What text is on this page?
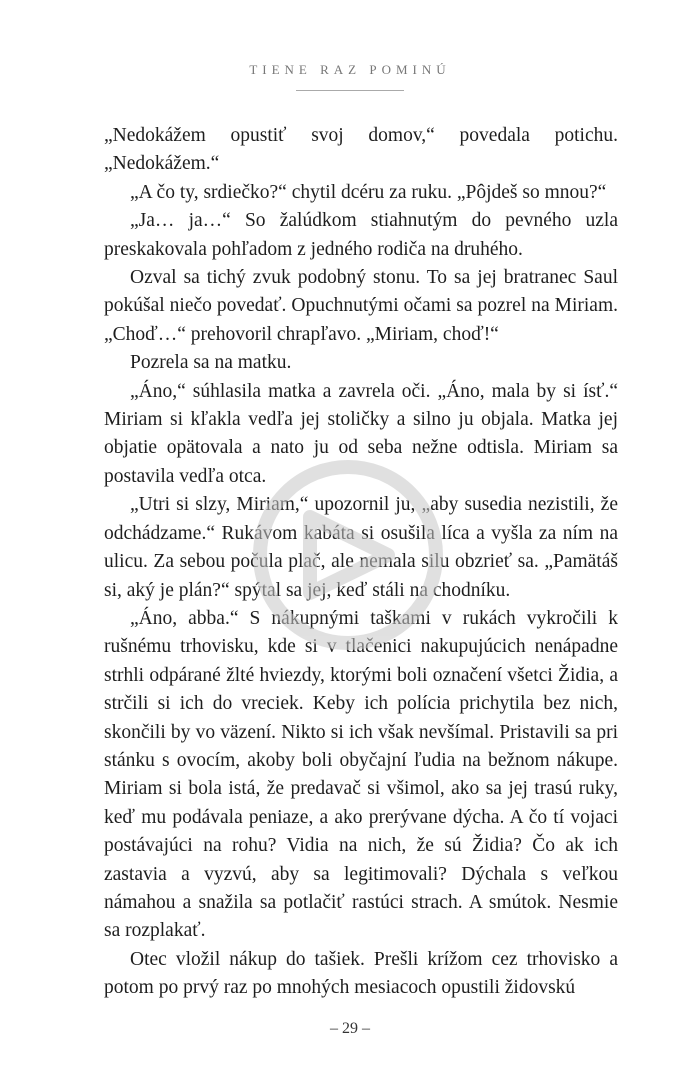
TIENE RAZ POMINÚ

„Nedokážem opustiť svoj domov,“ povedala potichu. „Nedokážem.“

„A čo ty, srdiečko?“ chytil dcéru za ruku. „Pôjdeš so mnou?“

„Ja… ja…“ So žalúdkom stiahnutým do pevného uzla preskakovala pohľadom z jedného rodiča na druhého.

Ozval sa tichý zvuk podobný stonu. To sa jej bratranec Saul pokúšal niečo povedať. Opuchnutými očami sa pozrel na Miriam. „Choď…“ prehovoril chrapľavo. „Miriam, choď!“

Pozrela sa na matku.

„Áno,“ súhlasila matka a zavrela oči. „Áno, mala by si ísť.“ Miriam si kľakla vedľa jej stoličky a silno ju objala. Matka jej objatie opätovala a nato ju od seba nežne odtisla. Miriam sa postavila vedľa otca.

„Utri si slzy, Miriam,“ upozornil ju, „aby susedia nezistili, že odchádzame.“ Rukávom kabáta si osušila líca a vyšla za ním na ulicu. Za sebou počula plač, ale nemala silu obzrieť sa. „Pamätáš si, aký je plán?“ spýtal sa jej, keď stáli na chodníku.

„Áno, abba.“ S nákupnými taškami v rukách vykročili k rušnému trhovisku, kde si v tlačenici nakupujúcich nenápadne strhli odpárané žlté hviezdy, ktorými boli označení všetci Židia, a strčili si ich do vreciek. Keby ich polícia prichytila bez nich, skončili by vo väzení. Nikto si ich však nevšímal. Pristavili sa pri stánku s ovocím, akoby boli obyčajní ľudia na bežnom nákupe. Miriam si bola istá, že predavač si všimol, ako sa jej trasú ruky, keď mu podávala peniaze, a ako prerývane dýcha. A čo tí vojaci postávajúci na rohu? Vidia na nich, že sú Židia? Čo ak ich zastavia a vyzvú, aby sa legitimovali? Dýchala s veľkou námahou a snažila sa potlačiť rastúci strach. A smútok. Nesmie sa rozplakať.

Otec vložil nákup do tašiek. Prešli krížom cez trhovisko a potom po prvý raz po mnohých mesiacoch opustili židovskú

– 29 –
